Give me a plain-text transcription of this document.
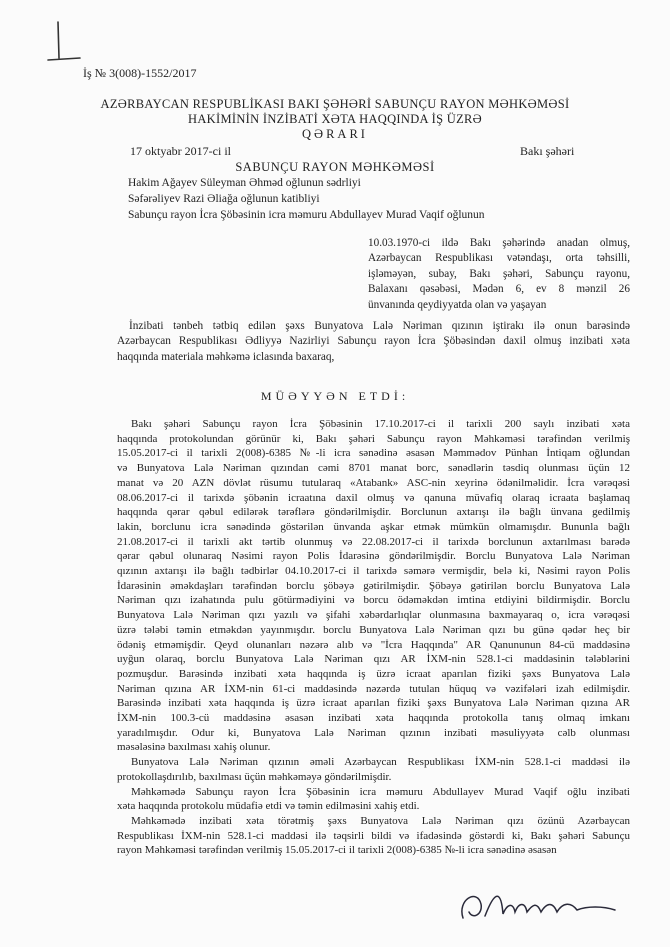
İş № 3(008)-1552/2017
AZƏRBAYCAN RESPUBLİKASI BAKI ŞƏHƏRİ SABUNÇU RAYON MƏHKƏMƏSİ
HAKİMİNİN İNZİBATİ XƏTA HAQQINDA İŞ ÜZRƏ
QƏRARI
17 oktyabr 2017-ci il	Bakı şəhəri
SABUNÇU RAYON MƏHKƏMƏSİ
Hakim Ağayev Süleyman Əhməd oğlunun sədrliyi
Səfərəliyev Razi Əliağa oğlunun katibliyi
Sabunçu rayon İcra Şöbəsinin icra məmuru Abdullayev Murad Vaqif oğlunun
10.03.1970-ci ildə Bakı şəhərində anadan olmuş,
Azərbaycan Respublikası vətəndaşı, orta təhsilli,
işləməyən, subay, Bakı şəhəri, Sabunçu rayonu,
Balaxanı qəsəbəsi, Mədən 6, ev 8 mənzil 26
ünvanında qeydiyyatda olan və yaşayan
İnzibati tənbeh tətbiq edilən şəxs Bunyatova Lalə Nəriman qızının iştirakı ilə onun barəsində
Azərbaycan Respublikası Ədliyyə Nazirliyi Sabunçu rayon İcra Şöbəsindən daxil olmuş inzibati xəta
haqqında materiala məhkəmə iclasında baxaraq,
MÜƏYYƏN ETDİ:
Bakı şəhəri Sabunçu rayon İcra Şöbəsinin 17.10.2017-ci il tarixli 200 saylı inzibati xəta
haqqında protokolundan görünür ki, Bakı şəhəri Sabunçu rayon Məhkəməsi tərəfindən verilmiş
15.05.2017-ci il tarixli 2(008)-6385 №-li icra sənədinə əsasən Məmmədov Pünhan İntiqam oğlundan
və Bunyatova Lalə Nəriman qızından cəmi 8701 manat borc, sənədlərin təsdiq olunması üçün 12
manat və 20 AZN dövlət rüsumu tutularaq «Atabank» ASC-nin xeyrinə ödənilməlidir. İcra vərəqəsi
08.06.2017-ci il tarixdə şöbənin icraatına daxil olmuş və qanuna müvafiq olaraq icraata başlamaq
haqqında qərar qəbul edilərək tərəflərə göndərilmişdir. Borclunun axtarışı ilə bağlı ünvana gedilmiş
lakin, borclunu icra sənədində göstərilən ünvanda aşkar etmək mümkün olmamışdır. Bununla bağlı
21.08.2017-ci il tarixli akt tərtib olunmuş və 22.08.2017-ci il tarixdə borclunun axtarılması barədə
qərar qəbul olunaraq Nəsimi rayon Polis İdarəsinə göndərilmişdir. Borclu Bunyatova Lalə Nəriman
qızının axtarışı ilə bağlı tədbirlər 04.10.2017-ci il tarixdə səmərə vermişdir, belə ki, Nəsimi rayon Polis
İdarəsinin əməkdaşları tərəfindən borclu şöbəyə gətirilmişdir. Şöbəyə gətirilən borclu Bunyatova Lalə
Nəriman qızı izahatında pulu götürmədiyini və borcu ödəməkdən imtina etdiyini bildirmişdir. Borclu
Bunyatova Lalə Nəriman qızı yazılı və şifahi xəbərdarlıqlar olunmasına baxmayaraq o, icra vərəqəsi
üzrə tələbi təmin etməkdən yayınmışdır. borclu Bunyatova Lalə Nəriman qızı bu günə qədər heç bir
ödəniş etməmişdir. Qeyd olunanları nəzərə alıb və "İcra Haqqında" AR Qanununun 84-cü maddəsinə
uyğun olaraq, borclu Bunyatova Lalə Nəriman qızı AR İXM-nin 528.1-ci maddəsinin tələblərini
pozmuşdur. Barəsində inzibati xəta haqqında iş üzrə icraat aparılan fiziki şəxs Bunyatova Lalə
Nəriman qızına AR İXM-nin 61-ci maddəsində nəzərdə tutulan hüquq və vəzifələri izah edilmişdir.
Barəsində inzibati xəta haqqında iş üzrə icraat aparılan fiziki şəxs Bunyatova Lalə Nəriman qızına AR
İXM-nin 100.3-cü maddəsinə əsasən inzibati xəta haqqında protokolla tanış olmaq imkanı
yaradılmışdır. Odur ki, Bunyatova Lalə Nəriman qızının inzibati məsuliyyətə cəlb olunması
məsələsinə baxılması xahiş olunur.
Bunyatova Lalə Nəriman qızının əməli Azərbaycan Respublikası İXM-nin 528.1-ci maddəsi ilə
protokollaşdırılıb, baxılması üçün məhkəməyə göndərilmişdir.
Məhkəmədə Sabunçu rayon İcra Şöbəsinin icra məmuru Abdullayev Murad Vaqif oğlu inzibati
xəta haqqında protokolu müdafiə etdi və təmin edilməsini xahiş etdi.
Məhkəmədə inzibati xəta törətmiş şəxs Bunyatova Lalə Nəriman qızı özünü Azərbaycan
Respublikası İXM-nin 528.1-ci maddəsi ilə təqsirli bildi və ifadəsində göstərdi ki, Bakı şəhəri Sabunçu
rayon Məhkəməsi tərəfindən verilmiş 15.05.2017-ci il tarixli 2(008)-6385 №-li icra sənədinə əsasən
